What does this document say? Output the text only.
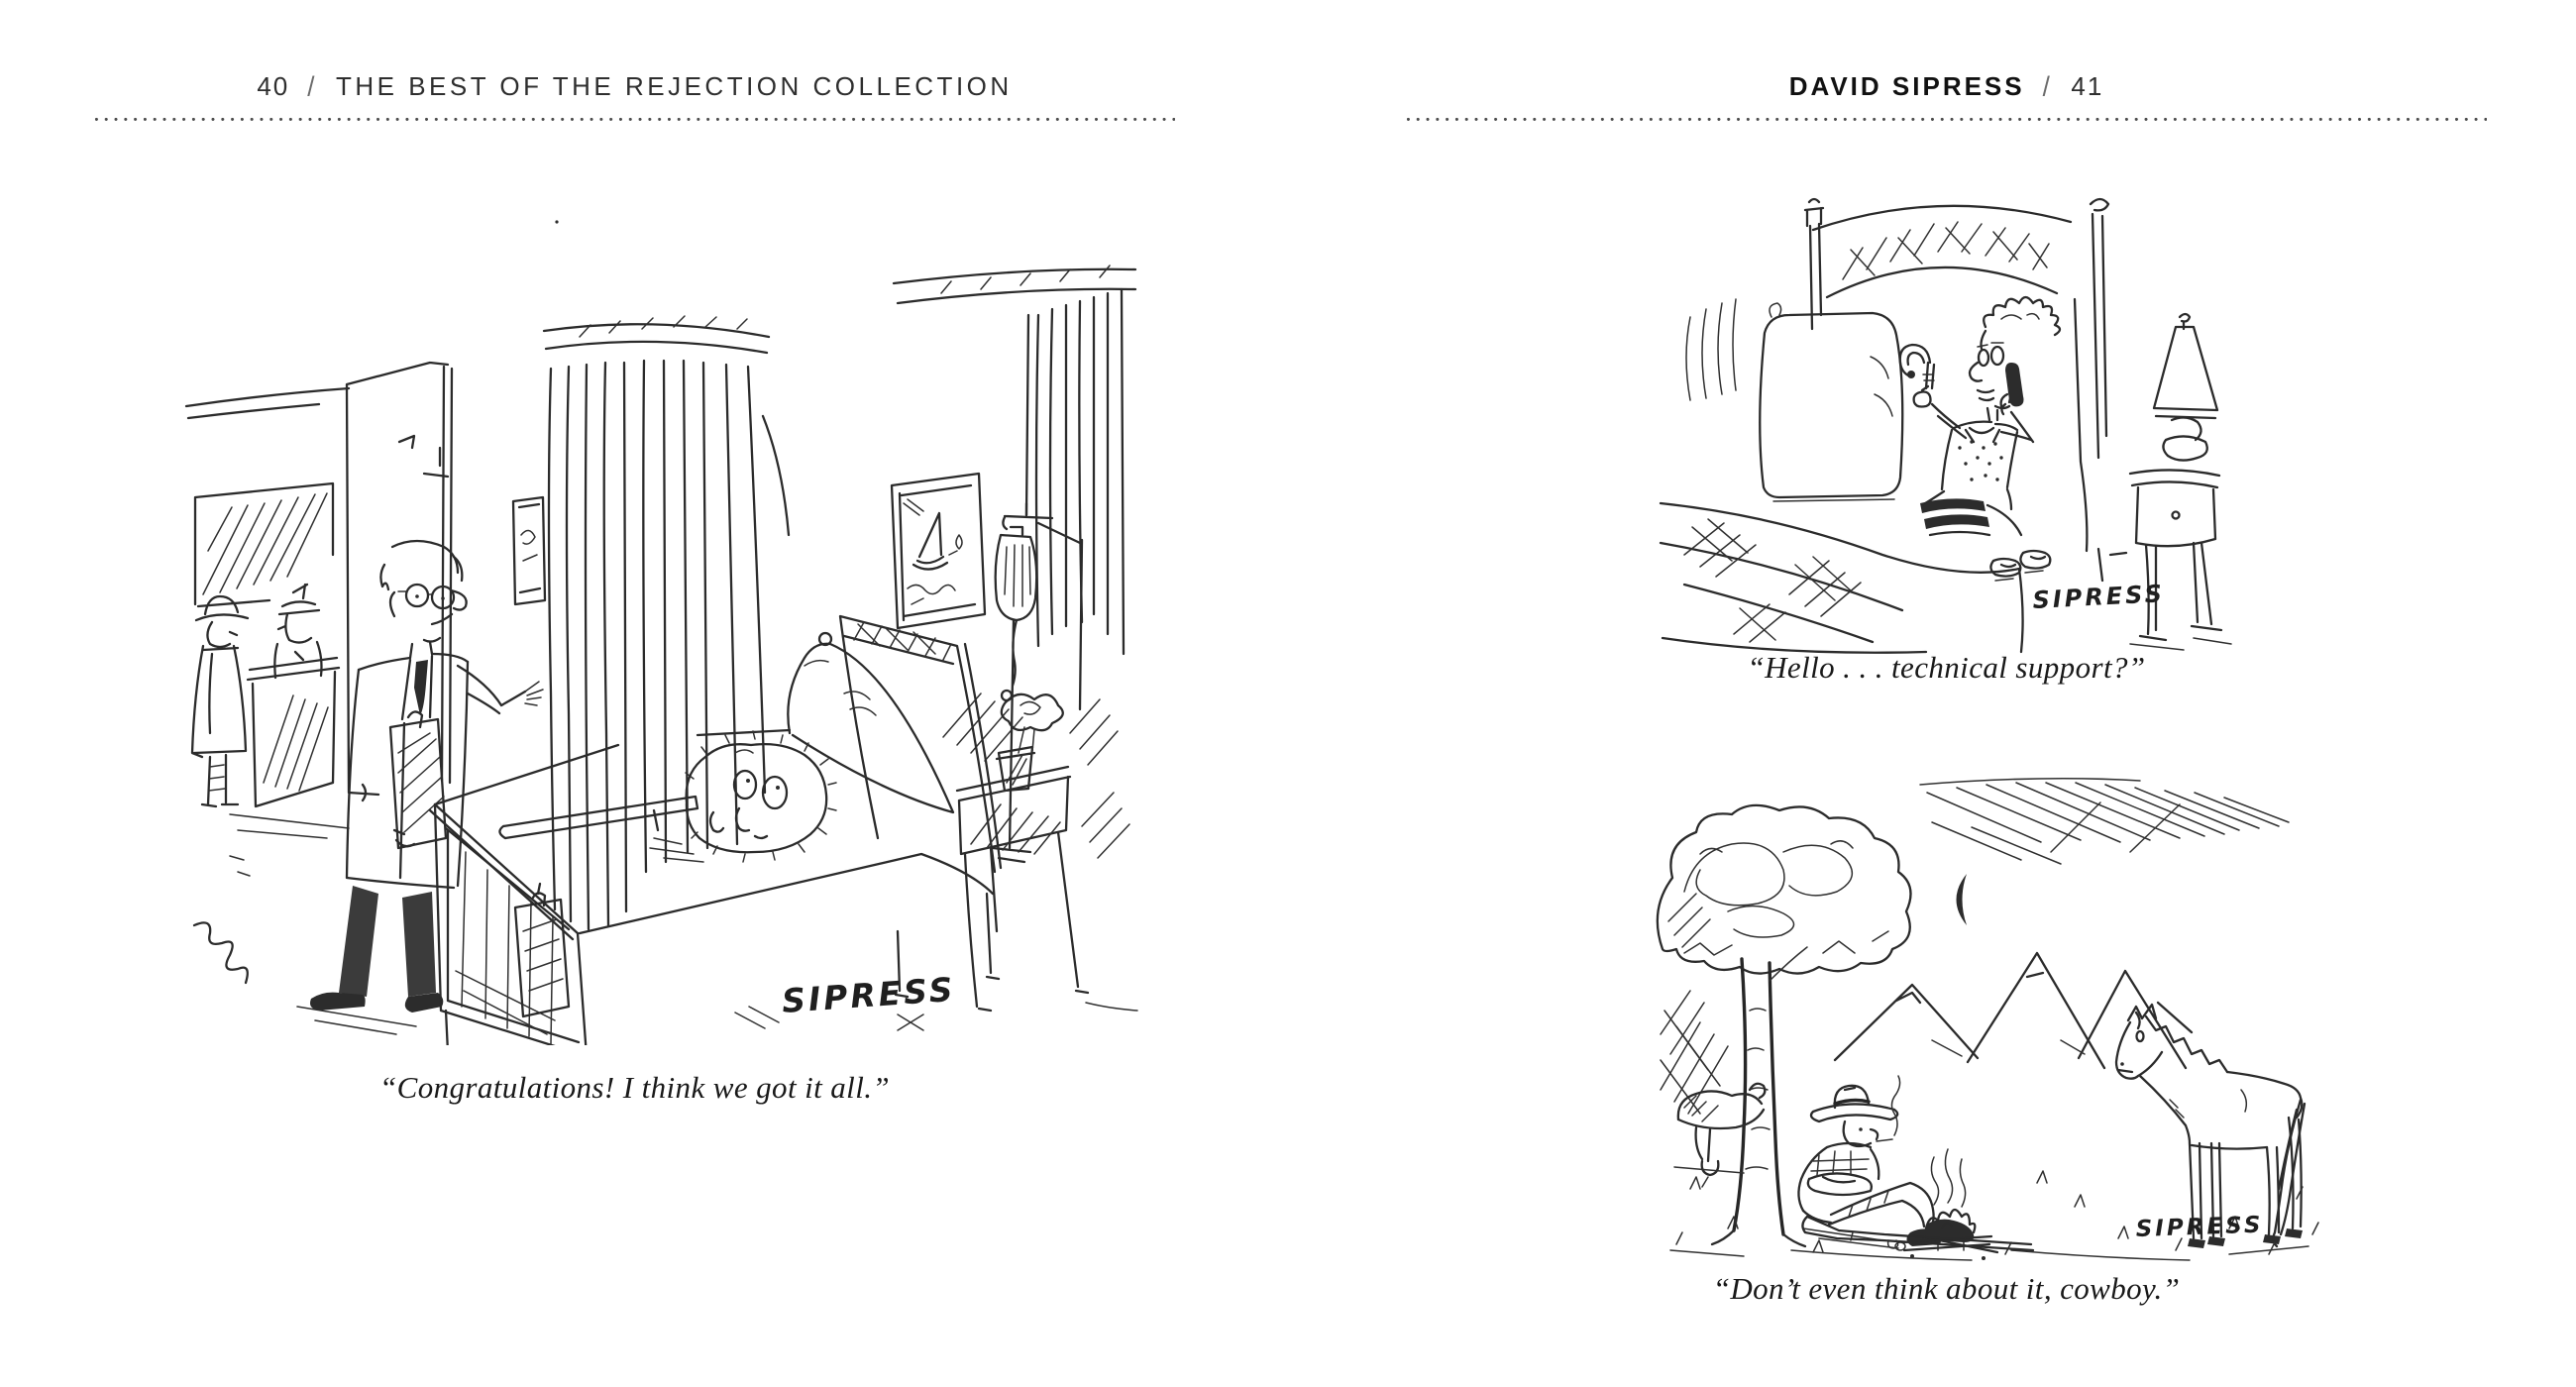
40 / THE BEST OF THE REJECTION COLLECTION	DAVID SIPRESS / 41
SIPRESS
SIPRESS
SIPRESS
“Congratulations! I think we got it all.”
“Hello . . . technical support?”
“Don’t even think about it, cowboy.”
